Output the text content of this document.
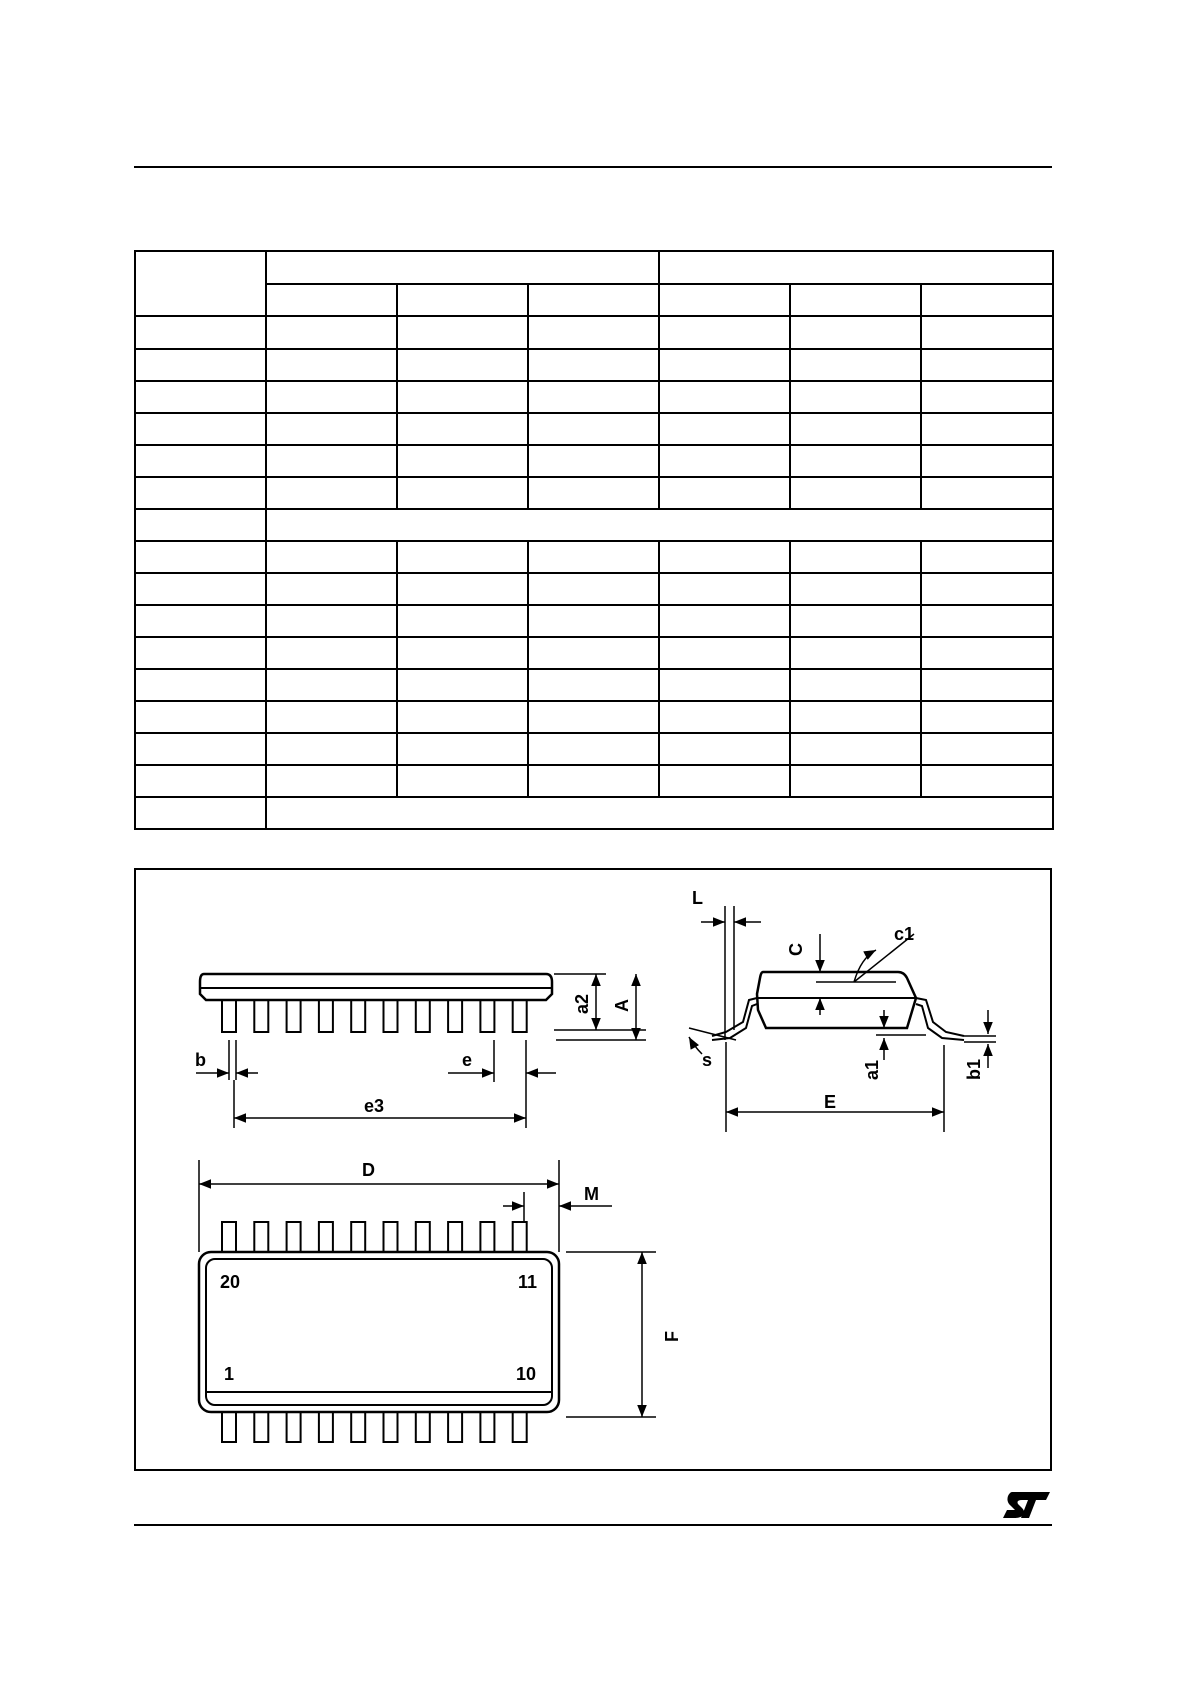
L
C
c1
a2 A
s	a1	b1
E
b	e
e3
D
M
F
20	11
1	10
